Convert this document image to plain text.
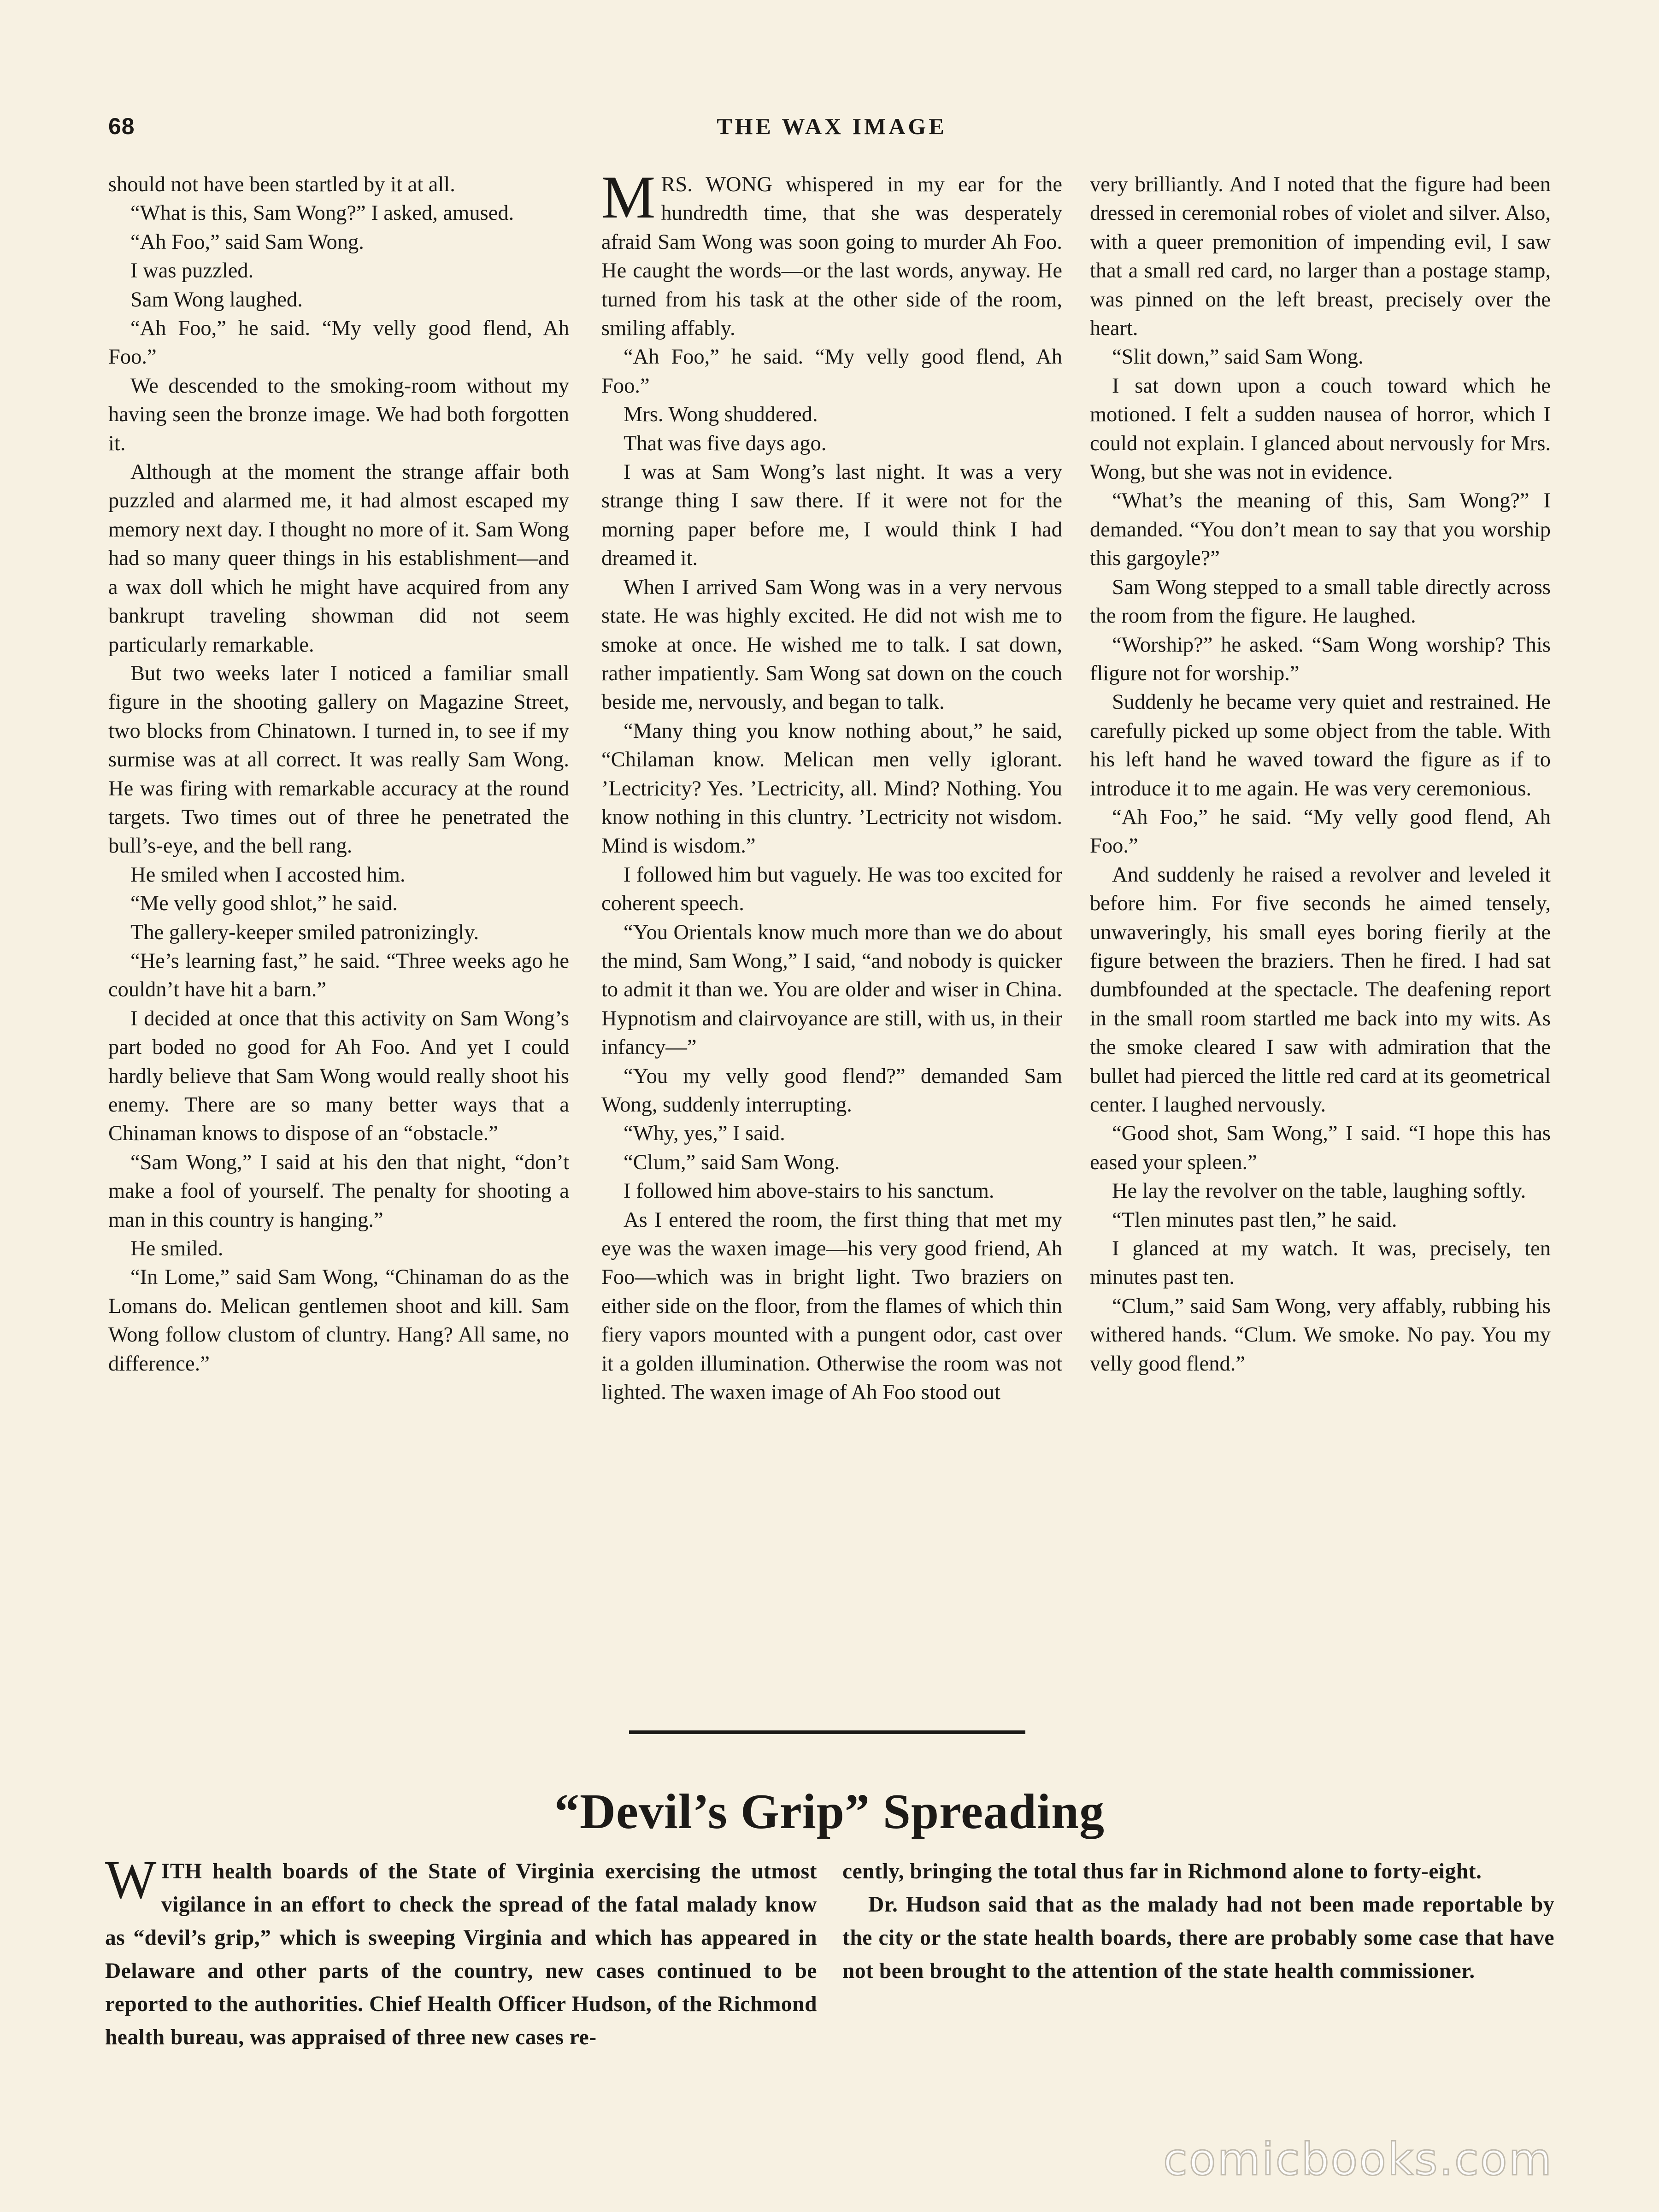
68	THE WAX IMAGE

should not have been startled by it at all.

“What is this, Sam Wong?” I asked, amused.

“Ah Foo,” said Sam Wong.

I was puzzled.

Sam Wong laughed.

“Ah Foo,” he said. “My velly good flend, Ah Foo.”

We descended to the smoking-room without my having seen the bronze image. We had both forgotten it.

Although at the moment the strange affair both puzzled and alarmed me, it had almost escaped my memory next day. I thought no more of it. Sam Wong had so many queer things in his establishment—and a wax doll which he might have acquired from any bankrupt traveling showman did not seem particularly remarkable.

But two weeks later I noticed a familiar small figure in the shooting gallery on Magazine Street, two blocks from Chinatown. I turned in, to see if my surmise was at all correct. It was really Sam Wong. He was firing with remarkable accuracy at the round targets. Two times out of three he penetrated the bull’s-eye, and the bell rang.

He smiled when I accosted him.

“Me velly good shlot,” he said.

The gallery-keeper smiled patronizingly.

“He’s learning fast,” he said. “Three weeks ago he couldn’t have hit a barn.”

I decided at once that this activity on Sam Wong’s part boded no good for Ah Foo. And yet I could hardly believe that Sam Wong would really shoot his enemy. There are so many better ways that a Chinaman knows to dispose of an “obstacle.”

“Sam Wong,” I said at his den that night, “don’t make a fool of yourself. The penalty for shooting a man in this country is hanging.”

He smiled.

“In Lome,” said Sam Wong, “Chinaman do as the Lomans do. Melican gentlemen shoot and kill. Sam Wong follow clustom of cluntry. Hang? All same, no difference.”

MRS. WONG whispered in my ear for the hundredth time, that she was desperately afraid Sam Wong was soon going to murder Ah Foo. He caught the words—or the last words, anyway. He turned from his task at the other side of the room, smiling affably.

“Ah Foo,” he said. “My velly good flend, Ah Foo.”

Mrs. Wong shuddered.

That was five days ago.

I was at Sam Wong’s last night. It was a very strange thing I saw there. If it were not for the morning paper before me, I would think I had dreamed it.

When I arrived Sam Wong was in a very nervous state. He was highly excited. He did not wish me to smoke at once. He wished me to talk. I sat down, rather impatiently. Sam Wong sat down on the couch beside me, nervously, and began to talk.

“Many thing you know nothing about,” he said, “Chilaman know. Melican men velly iglorant. ’Lectricity? Yes. ’Lectricity, all. Mind? Nothing. You know nothing in this cluntry. ’Lectricity not wisdom. Mind is wisdom.”

I followed him but vaguely. He was too excited for coherent speech.

“You Orientals know much more than we do about the mind, Sam Wong,” I said, “and nobody is quicker to admit it than we. You are older and wiser in China. Hypnotism and clairvoyance are still, with us, in their infancy—”

“You my velly good flend?” demanded Sam Wong, suddenly interrupting.

“Why, yes,” I said.

“Clum,” said Sam Wong.

I followed him above-stairs to his sanctum.

As I entered the room, the first thing that met my eye was the waxen image—his very good friend, Ah Foo—which was in bright light. Two braziers on either side on the floor, from the flames of which thin fiery vapors mounted with a pungent odor, cast over it a golden illumination. Otherwise the room was not lighted. The waxen image of Ah Foo stood out

very brilliantly. And I noted that the figure had been dressed in ceremonial robes of violet and silver. Also, with a queer premonition of impending evil, I saw that a small red card, no larger than a postage stamp, was pinned on the left breast, precisely over the heart.

“Slit down,” said Sam Wong.

I sat down upon a couch toward which he motioned. I felt a sudden nausea of horror, which I could not explain. I glanced about nervously for Mrs. Wong, but she was not in evidence.

“What’s the meaning of this, Sam Wong?” I demanded. “You don’t mean to say that you worship this gargoyle?”

Sam Wong stepped to a small table directly across the room from the figure. He laughed.

“Worship?” he asked. “Sam Wong worship? This fligure not for worship.”

Suddenly he became very quiet and restrained. He carefully picked up some object from the table. With his left hand he waved toward the figure as if to introduce it to me again. He was very ceremonious.

“Ah Foo,” he said. “My velly good flend, Ah Foo.”

And suddenly he raised a revolver and leveled it before him. For five seconds he aimed tensely, unwaveringly, his small eyes boring fierily at the figure between the braziers. Then he fired. I had sat dumbfounded at the spectacle. The deafening report in the small room startled me back into my wits. As the smoke cleared I saw with admiration that the bullet had pierced the little red card at its geometrical center. I laughed nervously.

“Good shot, Sam Wong,” I said. “I hope this has eased your spleen.”

He lay the revolver on the table, laughing softly.

“Tlen minutes past tlen,” he said.

I glanced at my watch. It was, precisely, ten minutes past ten.

“Clum,” said Sam Wong, very affably, rubbing his withered hands. “Clum. We smoke. No pay. You my velly good flend.”

“Devil’s Grip” Spreading

WITH health boards of the State of Virginia exercising the utmost vigilance in an effort to check the spread of the fatal malady know as “devil’s grip,” which is sweeping Virginia and which has appeared in Delaware and other parts of the country, new cases continued to be reported to the authorities. Chief Health Officer Hudson, of the Richmond health bureau, was appraised of three new cases re-

cently, bringing the total thus far in Richmond alone to forty-eight.

Dr. Hudson said that as the malady had not been made reportable by the city or the state health boards, there are probably some case that have not been brought to the attention of the state health commissioner.

comicbooks.com
